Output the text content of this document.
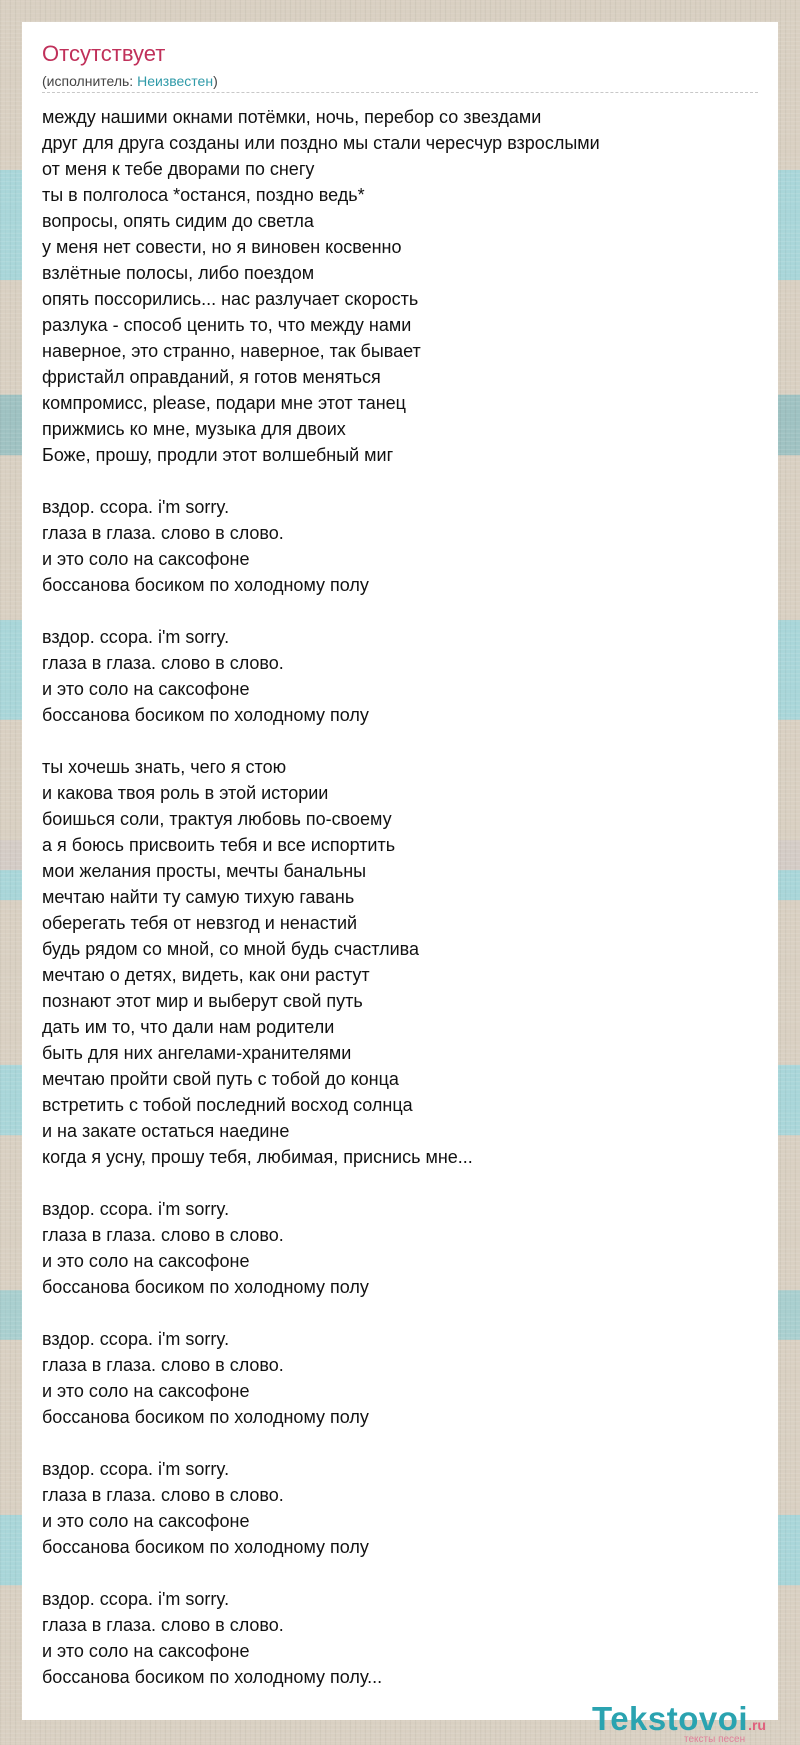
Отсутствует
(исполнитель: Неизвестен)
между нашими окнами потёмки, ночь, перебор со звездами
друг для друга созданы или поздно мы стали чересчур взрослыми
от меня к тебе дворами по снегу
ты в полголоса *останся, поздно ведь*
вопросы, опять сидим до светла
у меня нет совести, но я виновен косвенно
взлётные полосы, либо поездом
опять поссорились... нас разлучает скорость
разлука - способ ценить то, что между нами
наверное, это странно, наверное, так бывает
фристайл оправданий, я готов меняться
компромисс, please, подари мне этот танец
прижмись ко мне, музыка для двоих
Боже, прошу, продли этот волшебный миг
вздор. ссора. i'm sorry.
глаза в глаза. слово в слово.
и это соло на саксофоне
боссанова босиком по холодному полу
вздор. ссора. i'm sorry.
глаза в глаза. слово в слово.
и это соло на саксофоне
боссанова босиком по холодному полу
ты хочешь знать, чего я стою
и какова твоя роль в этой истории
боишься соли, трактуя любовь по-своему
а я боюсь присвоить тебя и все испортить
мои желания просты, мечты банальны
мечтаю найти ту самую тихую гавань
оберегать тебя от невзгод и ненастий
будь рядом со мной, со мной будь счастлива
мечтаю о детях, видеть, как они растут
познают этот мир и выберут свой путь
дать им то, что дали нам родители
быть для них ангелами-хранителями
мечтаю пройти свой путь с тобой до конца
встретить с тобой последний восход солнца
и на закате остаться наедине
когда я усну, прошу тебя, любимая, приснись мне...
вздор. ссора. i'm sorry.
глаза в глаза. слово в слово.
и это соло на саксофоне
боссанова босиком по холодному полу
вздор. ссора. i'm sorry.
глаза в глаза. слово в слово.
и это соло на саксофоне
боссанова босиком по холодному полу
вздор. ссора. i'm sorry.
глаза в глаза. слово в слово.
и это соло на саксофоне
боссанова босиком по холодному полу
вздор. ссора. i'm sorry.
глаза в глаза. слово в слово.
и это соло на саксофоне
боссанова босиком по холодному полу...
Tekstovoi.ru
тексты песен
